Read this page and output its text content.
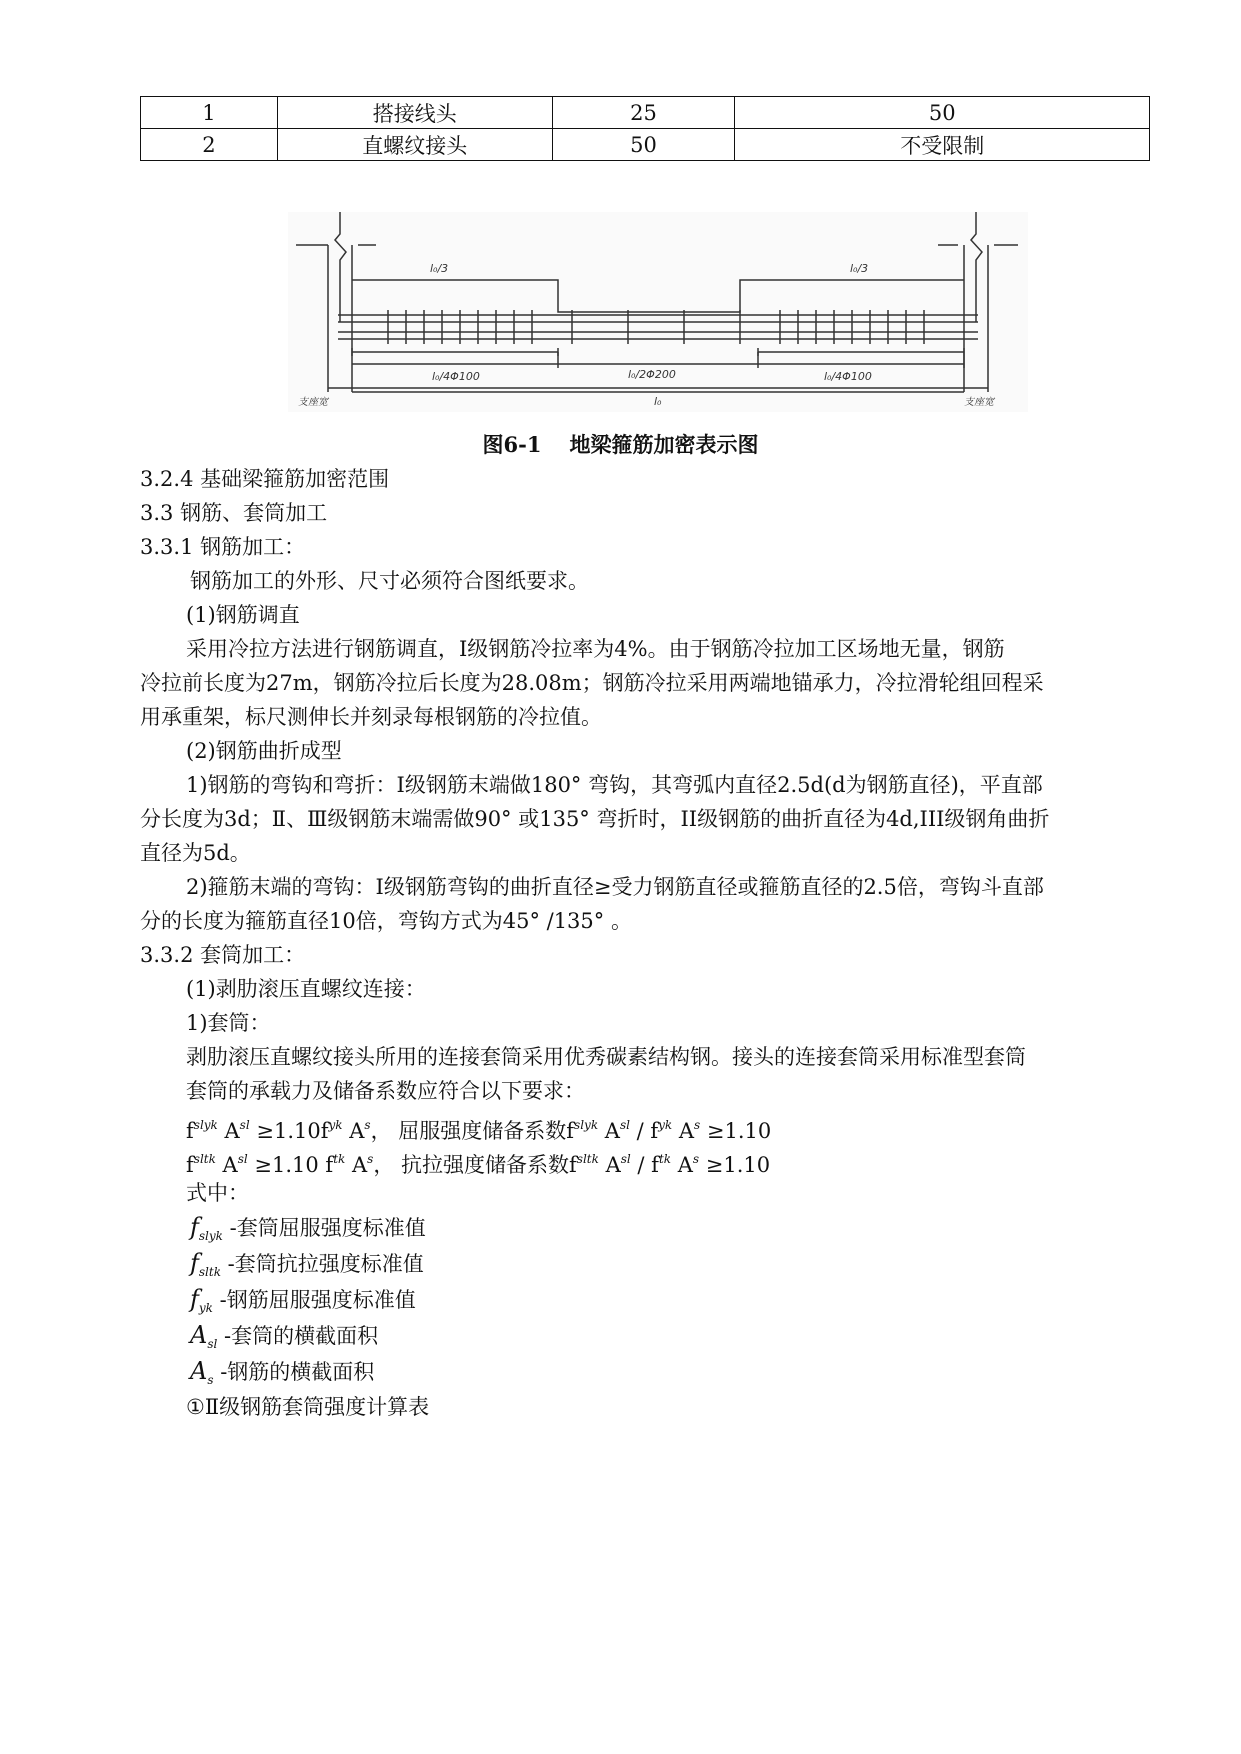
1	搭接线头	25	50
2	直螺纹接头	50	不受限制
l₀/3	l₀/3
l₀/4Φ100	l₀/2Φ200	l₀/4Φ100
支座宽	支座宽
l₀
图6-1 地梁箍筋加密表示图
3.2.4 基础梁箍筋加密范围
3.3 钢筋、套筒加工
3.3.1 钢筋加工：
钢筋加工的外形、尺寸必须符合图纸要求。
(1)钢筋调直
采用冷拉方法进行钢筋调直，Ⅰ级钢筋冷拉率为4%。由于钢筋冷拉加工区场地无量，钢筋
冷拉前长度为27m，钢筋冷拉后长度为28.08m；钢筋冷拉采用两端地锚承力，冷拉滑轮组回程采
用承重架，标尺测伸长并刻录每根钢筋的冷拉值。
(2)钢筋曲折成型
1)钢筋的弯钩和弯折：Ⅰ级钢筋末端做180° 弯钩，其弯弧内直径2.5d(d为钢筋直径)，平直部
分长度为3d；Ⅱ、Ⅲ级钢筋末端需做90° 或135° 弯折时，II级钢筋的曲折直径为4d,III级钢角曲折
直径为5d。
2)箍筋末端的弯钩：I级钢筋弯钩的曲折直径≥受力钢筋直径或箍筋直径的2.5倍，弯钩斗直部
分的长度为箍筋直径10倍，弯钩方式为45° /135° 。
3.3.2 套筒加工：
(1)剥肋滚压直螺纹连接：
1)套筒：
剥肋滚压直螺纹接头所用的连接套筒采用优秀碳素结构钢。接头的连接套筒采用标准型套筒
套筒的承载力及储备系数应符合以下要求：
$f^{slyk}$ $A^{sl} \ge 1.10f^{yk}$ $A^s$， 屈服强度储备系数$f^{slyk}$ $A^{sl} / f^{yk}$ $A^s \ge 1.10$
$f^{sltk}$ $A^{sl} \ge 1.10$ $f^{tk}$ $A^s$， 抗拉强度储备系数$f^{sltk}$ $A^{sl} / f^{tk}$ $A^s \ge 1.10$
式中：
$f_{slyk}$ -套筒屈服强度标准值
$f_{sltk}$ -套筒抗拉强度标准值
$f_{yk}$ -钢筋屈服强度标准值
$A_{sl}$ -套筒的横截面积
$A_s$ -钢筋的横截面积
①Ⅱ级钢筋套筒强度计算表
